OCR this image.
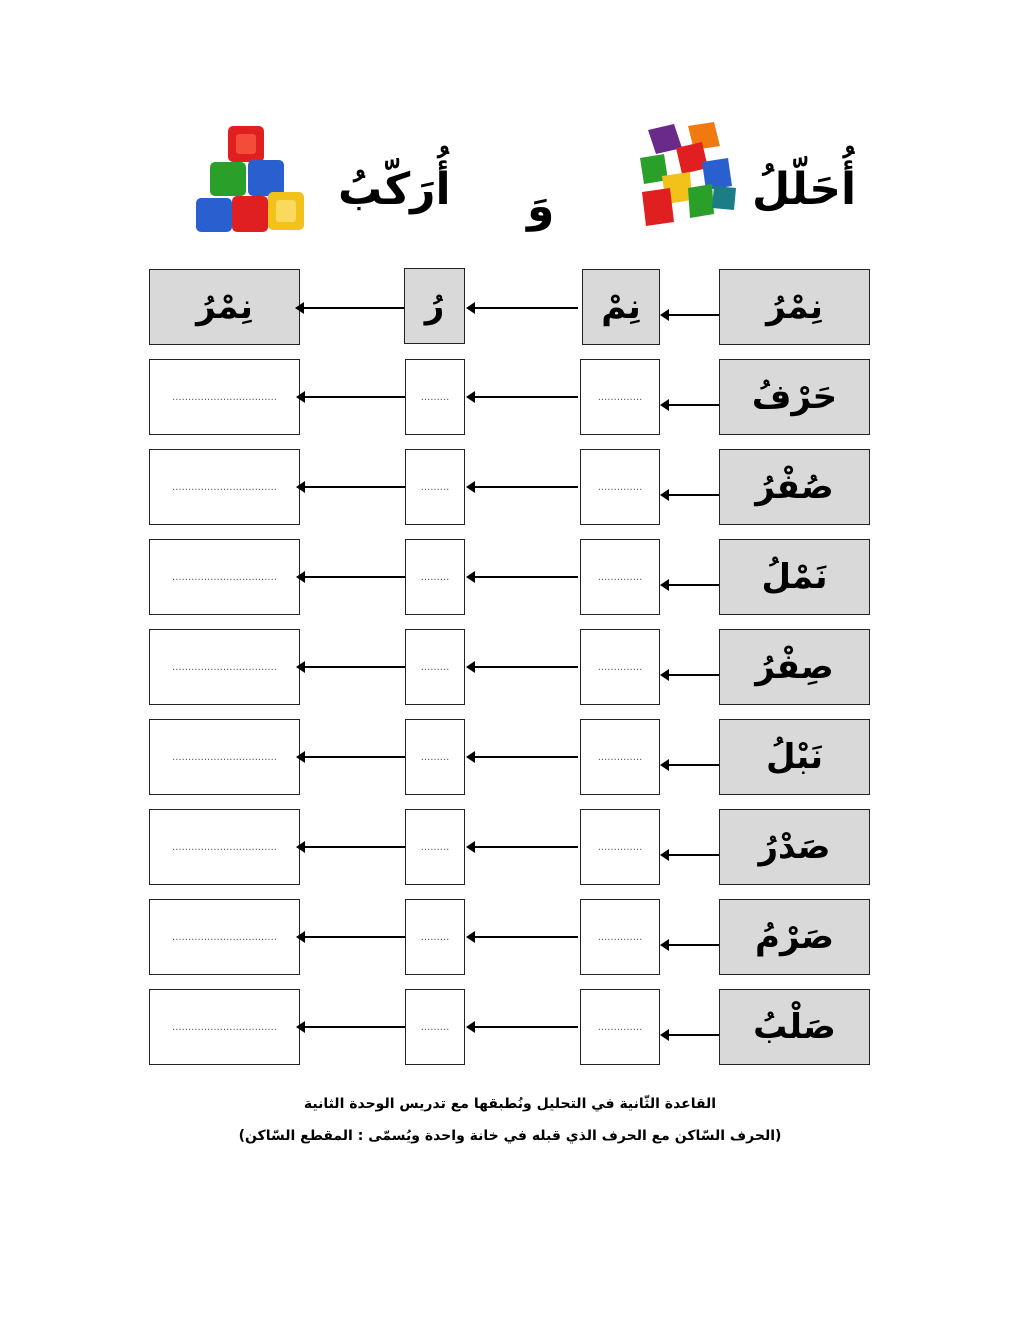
أُحَلّلُ
وَ
أُرَكّبُ
نِمْرُ
نِمْ
رُ
نِمْرُ
حَرْفُ
..............
.........
.................................
صُفْرُ
..............
.........
.................................
نَمْلُ
..............
.........
.................................
صِفْرُ
..............
.........
.................................
نَبْلُ
..............
.........
.................................
صَدْرُ
..............
.........
.................................
صَرْمُ
..............
.........
.................................
صَلْبُ
..............
.........
.................................
القاعدة الثّانية في التحليل ونُطبقها مع تدريس الوحدة الثانية
(الحرف السّاكن مع الحرف الذي قبله في خانة واحدة ويُسمّى : المقطع السّاكن)
